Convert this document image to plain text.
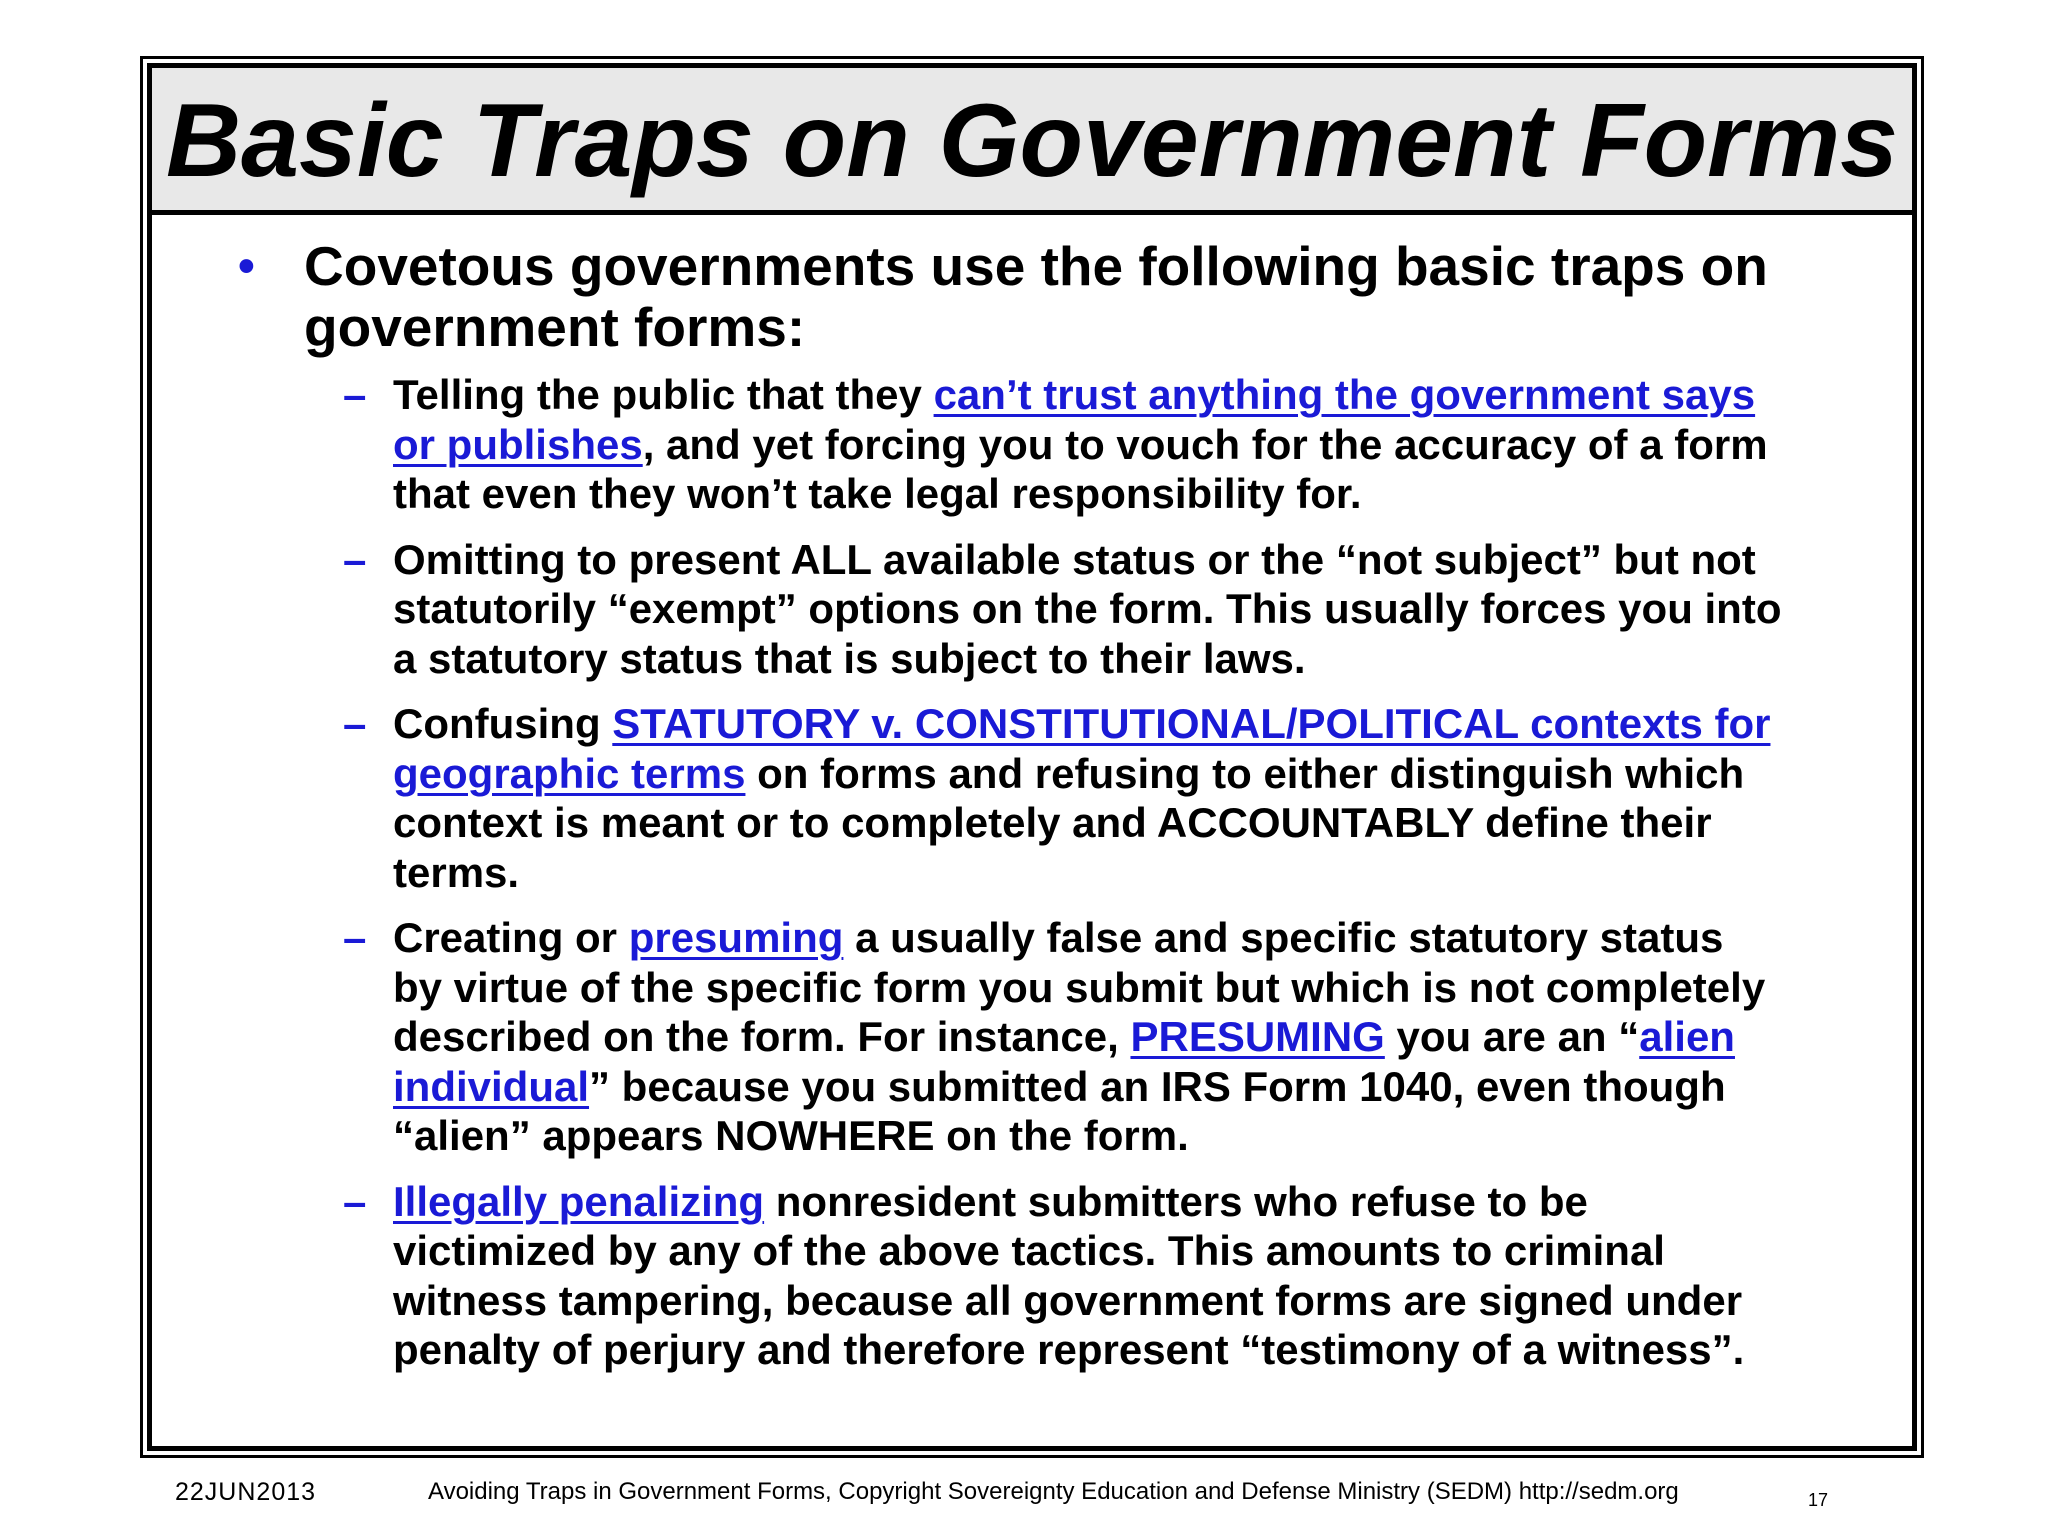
Basic Traps on Government Forms
• Covetous governments use the following basic traps on government forms:
– Telling the public that they can’t trust anything the government says or publishes, and yet forcing you to vouch for the accuracy of a form that even they won’t take legal responsibility for.
– Omitting to present ALL available status or the “not subject” but not statutorily “exempt” options on the form. This usually forces you into a statutory status that is subject to their laws.
– Confusing STATUTORY v. CONSTITUTIONAL/POLITICAL contexts for geographic terms on forms and refusing to either distinguish which context is meant or to completely and ACCOUNTABLY define their terms.
– Creating or presuming a usually false and specific statutory status by virtue of the specific form you submit but which is not completely described on the form. For instance, PRESUMING you are an “alien individual” because you submitted an IRS Form 1040, even though “alien” appears NOWHERE on the form.
– Illegally penalizing nonresident submitters who refuse to be victimized by any of the above tactics. This amounts to criminal witness tampering, because all government forms are signed under penalty of perjury and therefore represent “testimony of a witness”.
22JUN2013	Avoiding Traps in Government Forms, Copyright Sovereignty Education and Defense Ministry (SEDM) http://sedm.org	17
